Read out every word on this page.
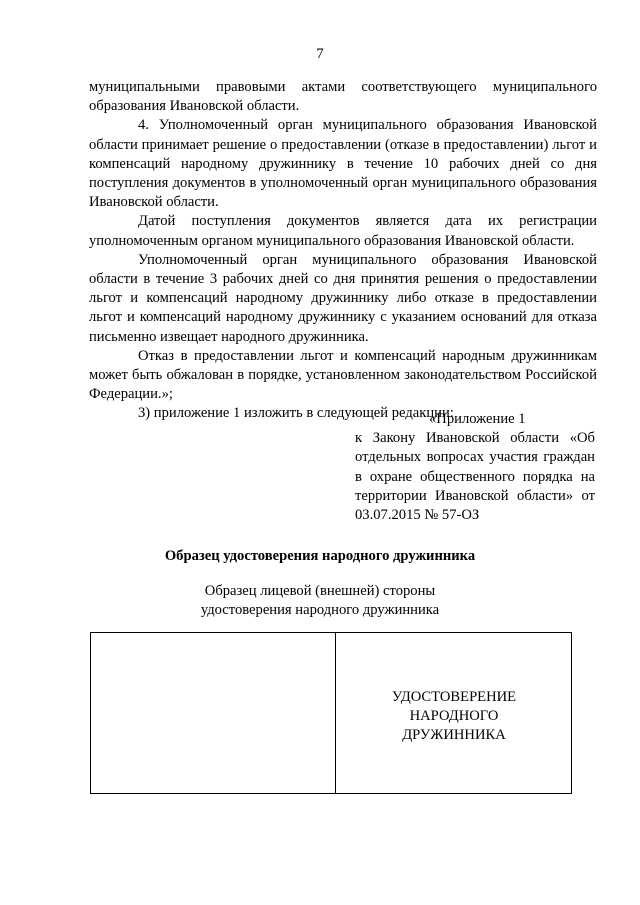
7

муниципальными правовыми актами соответствующего муниципального образования Ивановской области.

4. Уполномоченный орган муниципального образования Ивановской области принимает решение о предоставлении (отказе в предоставлении) льгот и компенсаций народному дружиннику в течение 10 рабочих дней со дня поступления документов в уполномоченный орган муниципального образования Ивановской области.

Датой поступления документов является дата их регистрации уполномоченным органом муниципального образования Ивановской области.

Уполномоченный орган муниципального образования Ивановской области в течение 3 рабочих дней со дня принятия решения о предоставлении льгот и компенсаций народному дружиннику либо отказе в предоставлении льгот и компенсаций народному дружиннику с указанием оснований для отказа письменно извещает народного дружинника.

Отказ в предоставлении льгот и компенсаций народным дружинникам может быть обжалован в порядке, установленном законодательством Российской Федерации.»;

3) приложение 1 изложить в следующей редакции:

«Приложение 1
к Закону Ивановской области «Об отдельных вопросах участия граждан в охране общественного порядка на территории Ивановской области» от 03.07.2015 № 57-ОЗ
Образец удостоверения народного дружинника
Образец лицевой (внешней) стороны удостоверения народного дружинника
УДОСТОВЕРЕНИЕ
НАРОДНОГО
ДРУЖИННИКА
